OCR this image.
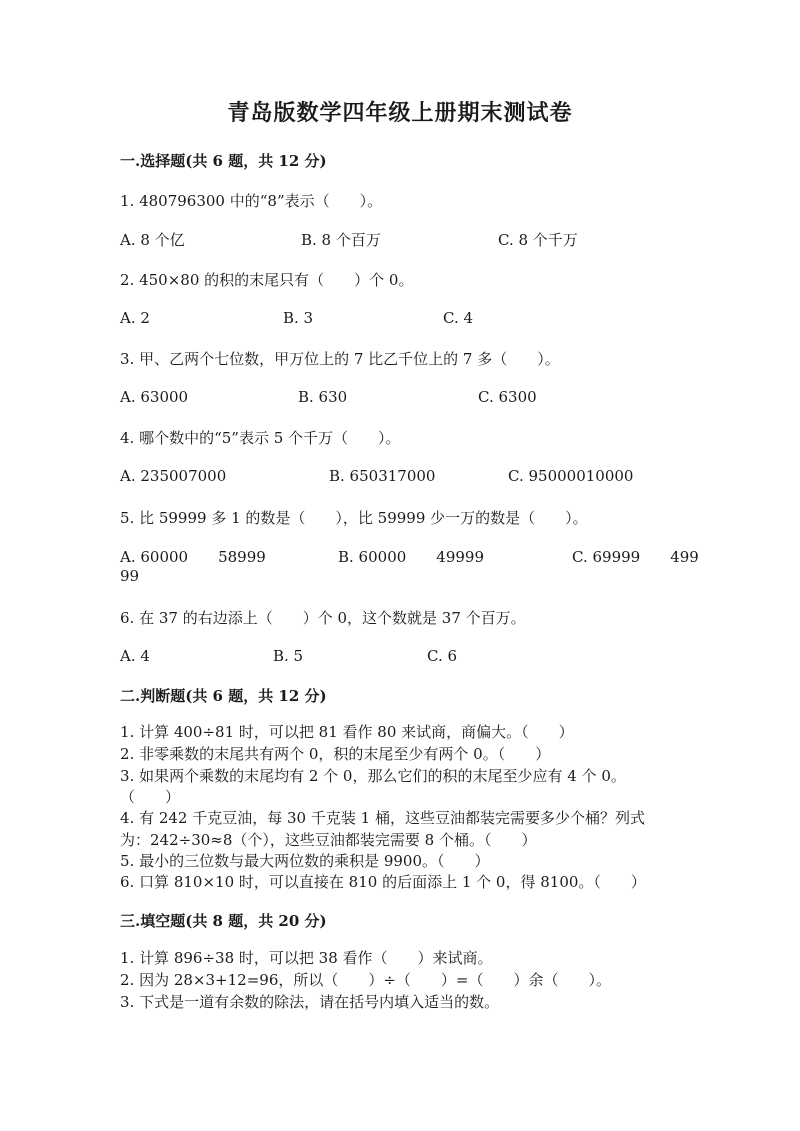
青岛版数学四年级上册期末测试卷
一.选择题(共 6 题，共 12 分)
1. 480796300 中的“8”表示（　　）。
A. 8 个亿	B. 8 个百万	C. 8 个千万
2. 450×80 的积的末尾只有（　　）个 0。
A. 2	B. 3	C. 4
3. 甲、乙两个七位数，甲万位上的 7 比乙千位上的 7 多（　　）。
A. 63000	B. 630	C. 6300
4. 哪个数中的“5”表示 5 个千万（　　）。
A. 235007000	B. 650317000	C. 95000010000
5. 比 59999 多 1 的数是（　　），比 59999 少一万的数是（　　）。
A. 60000　　58999	B. 60000　　49999	C. 69999　　499
99
6. 在 37 的右边添上（　　）个 0，这个数就是 37 个百万。
A. 4	B. 5	C. 6
二.判断题(共 6 题，共 12 分)
1. 计算 400÷81 时，可以把 81 看作 80 来试商，商偏大。（　　）
2. 非零乘数的末尾共有两个 0，积的末尾至少有两个 0。（　　）
3. 如果两个乘数的末尾均有 2 个 0，那么它们的积的末尾至少应有 4 个 0。
（　　）
4. 有 242 千克豆油，每 30 千克装 1 桶，这些豆油都装完需要多少个桶？列式
为：242÷30≈8（个），这些豆油都装完需要 8 个桶。（　　）
5. 最小的三位数与最大两位数的乘积是 9900。（　　）
6. 口算 810×10 时，可以直接在 810 的后面添上 1 个 0，得 8100。（　　）
三.填空题(共 8 题，共 20 分)
1. 计算 896÷38 时，可以把 38 看作（　　）来试商。
2. 因为 28×3+12=96，所以（　　）÷（　　）=（　　）余（　　）。
3. 下式是一道有余数的除法，请在括号内填入适当的数。
